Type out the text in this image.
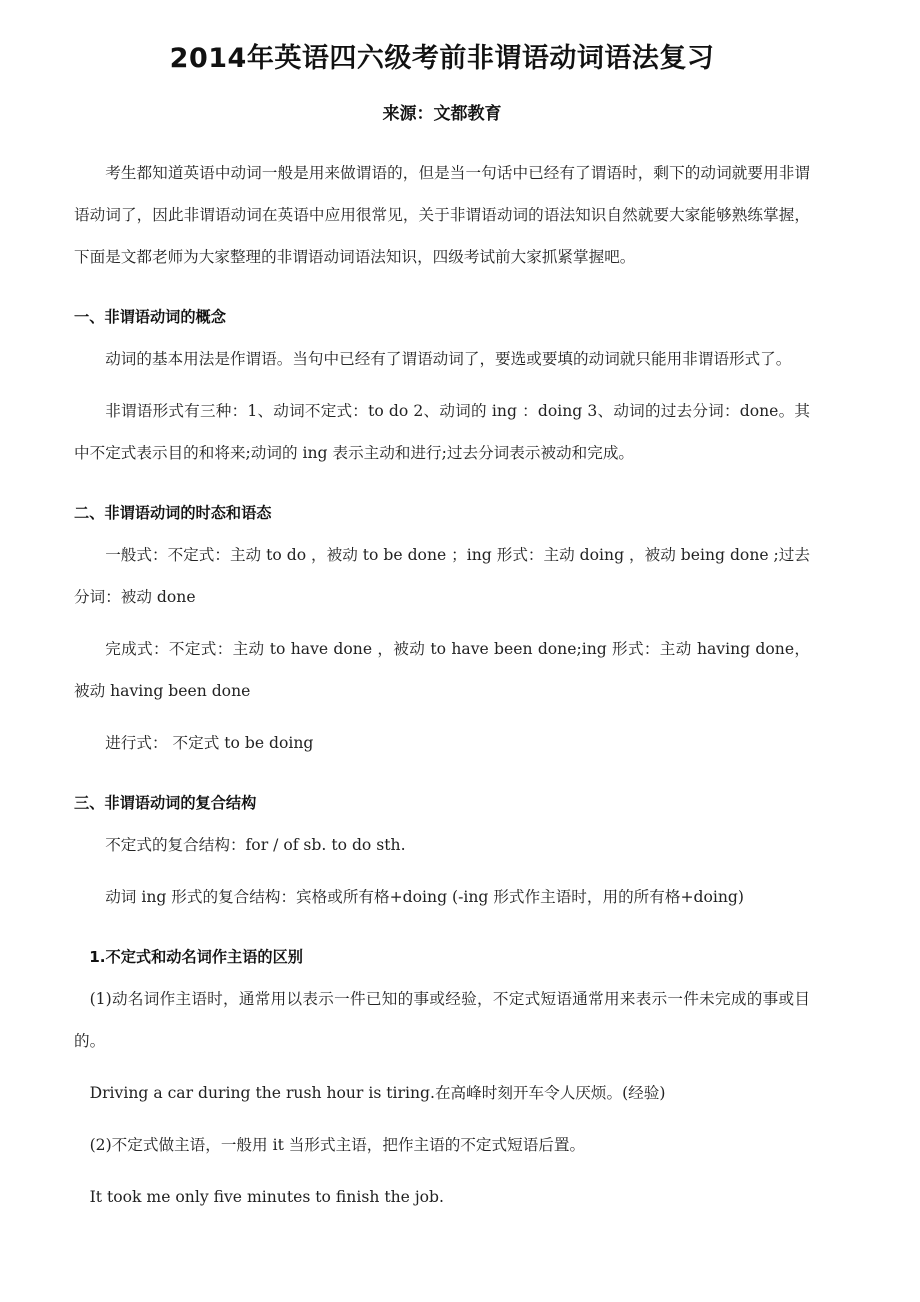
2014年英语四六级考前非谓语动词语法复习
来源：文都教育

考生都知道英语中动词一般是用来做谓语的，但是当一句话中已经有了谓语时，剩下的动词就要用非谓语动词了，因此非谓语动词在英语中应用很常见，关于非谓语动词的语法知识自然就要大家能够熟练掌握，下面是文都老师为大家整理的非谓语动词语法知识，四级考试前大家抓紧掌握吧。

一、非谓语动词的概念

动词的基本用法是作谓语。当句中已经有了谓语动词了，要选或要填的动词就只能用非谓语形式了。

非谓语形式有三种：1、动词不定式：to do 2、动词的 ing ：doing 3、动词的过去分词：done。其中不定式表示目的和将来;动词的 ing 表示主动和进行;过去分词表示被动和完成。

二、非谓语动词的时态和语态

一般式：不定式：主动 to do ，被动 to be done ；ing 形式：主动 doing ，被动 being done ;过去分词：被动 done

完成式：不定式：主动 to have done ，被动 to have been done;ing 形式：主动 having done，被动 having been done

进行式： 不定式 to be doing

三、非谓语动词的复合结构

不定式的复合结构：for / of sb. to do sth.

动词 ing 形式的复合结构：宾格或所有格+doing (-ing 形式作主语时，用的所有格+doing)

1.不定式和动名词作主语的区别

(1)动名词作主语时，通常用以表示一件已知的事或经验，不定式短语通常用来表示一件未完成的事或目的。

Driving a car during the rush hour is tiring.在高峰时刻开车令人厌烦。(经验)

(2)不定式做主语，一般用 it 当形式主语，把作主语的不定式短语后置。

It took me only five minutes to finish the job.
